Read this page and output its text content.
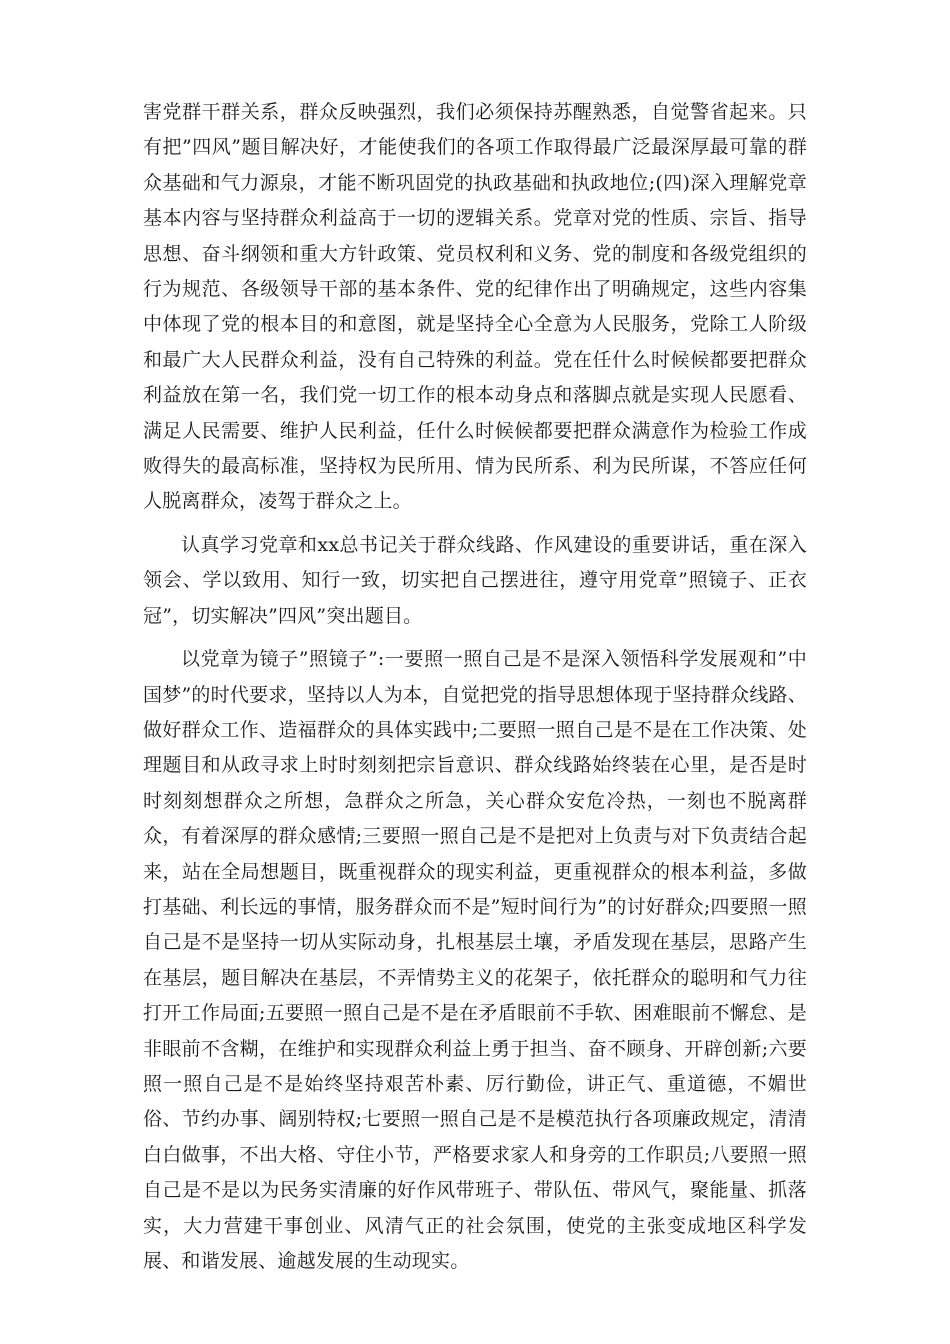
害党群干群关系，群众反映强烈，我们必须保持苏醒熟悉，自觉警省起来。只有把”四风”题目解决好，才能使我们的各项工作取得最广泛最深厚最可靠的群众基础和气力源泉，才能不断巩固党的执政基础和执政地位;(四)深入理解党章基本内容与坚持群众利益高于一切的逻辑关系。党章对党的性质、宗旨、指导思想、奋斗纲领和重大方针政策、党员权利和义务、党的制度和各级党组织的行为规范、各级领导干部的基本条件、党的纪律作出了明确规定，这些内容集中体现了党的根本目的和意图，就是坚持全心全意为人民服务，党除工人阶级和最广大人民群众利益，没有自己特殊的利益。党在任什么时候候都要把群众利益放在第一名，我们党一切工作的根本动身点和落脚点就是实现人民愿看、满足人民需要、维护人民利益，任什么时候候都要把群众满意作为检验工作成败得失的最高标准，坚持权为民所用、情为民所系、利为民所谋，不答应任何人脱离群众，凌驾于群众之上。

认真学习党章和xx总书记关于群众线路、作风建设的重要讲话，重在深入领会、学以致用、知行一致，切实把自己摆进往，遵守用党章”照镜子、正衣冠”，切实解决”四风”突出题目。

以党章为镜子”照镜子”:一要照一照自己是不是深入领悟科学发展观和”中国梦”的时代要求，坚持以人为本，自觉把党的指导思想体现于坚持群众线路、做好群众工作、造福群众的具体实践中;二要照一照自己是不是在工作决策、处理题目和从政寻求上时时刻刻把宗旨意识、群众线路始终装在心里，是否是时时刻刻想群众之所想，急群众之所急，关心群众安危冷热，一刻也不脱离群众，有着深厚的群众感情;三要照一照自己是不是把对上负责与对下负责结合起来，站在全局想题目，既重视群众的现实利益，更重视群众的根本利益，多做打基础、利长远的事情，服务群众而不是”短时间行为”的讨好群众;四要照一照自己是不是坚持一切从实际动身，扎根基层土壤，矛盾发现在基层，思路产生在基层，题目解决在基层，不弄情势主义的花架子，依托群众的聪明和气力往打开工作局面;五要照一照自己是不是在矛盾眼前不手软、困难眼前不懈怠、是非眼前不含糊，在维护和实现群众利益上勇于担当、奋不顾身、开辟创新;六要照一照自己是不是始终坚持艰苦朴素、厉行勤俭，讲正气、重道德，不媚世俗、节约办事、阔别特权;七要照一照自己是不是模范执行各项廉政规定，清清白白做事，不出大格、守住小节，严格要求家人和身旁的工作职员;八要照一照自己是不是以为民务实清廉的好作风带班子、带队伍、带风气，聚能量、抓落实，大力营建干事创业、风清气正的社会氛围，使党的主张变成地区科学发展、和谐发展、逾越发展的生动现实。
